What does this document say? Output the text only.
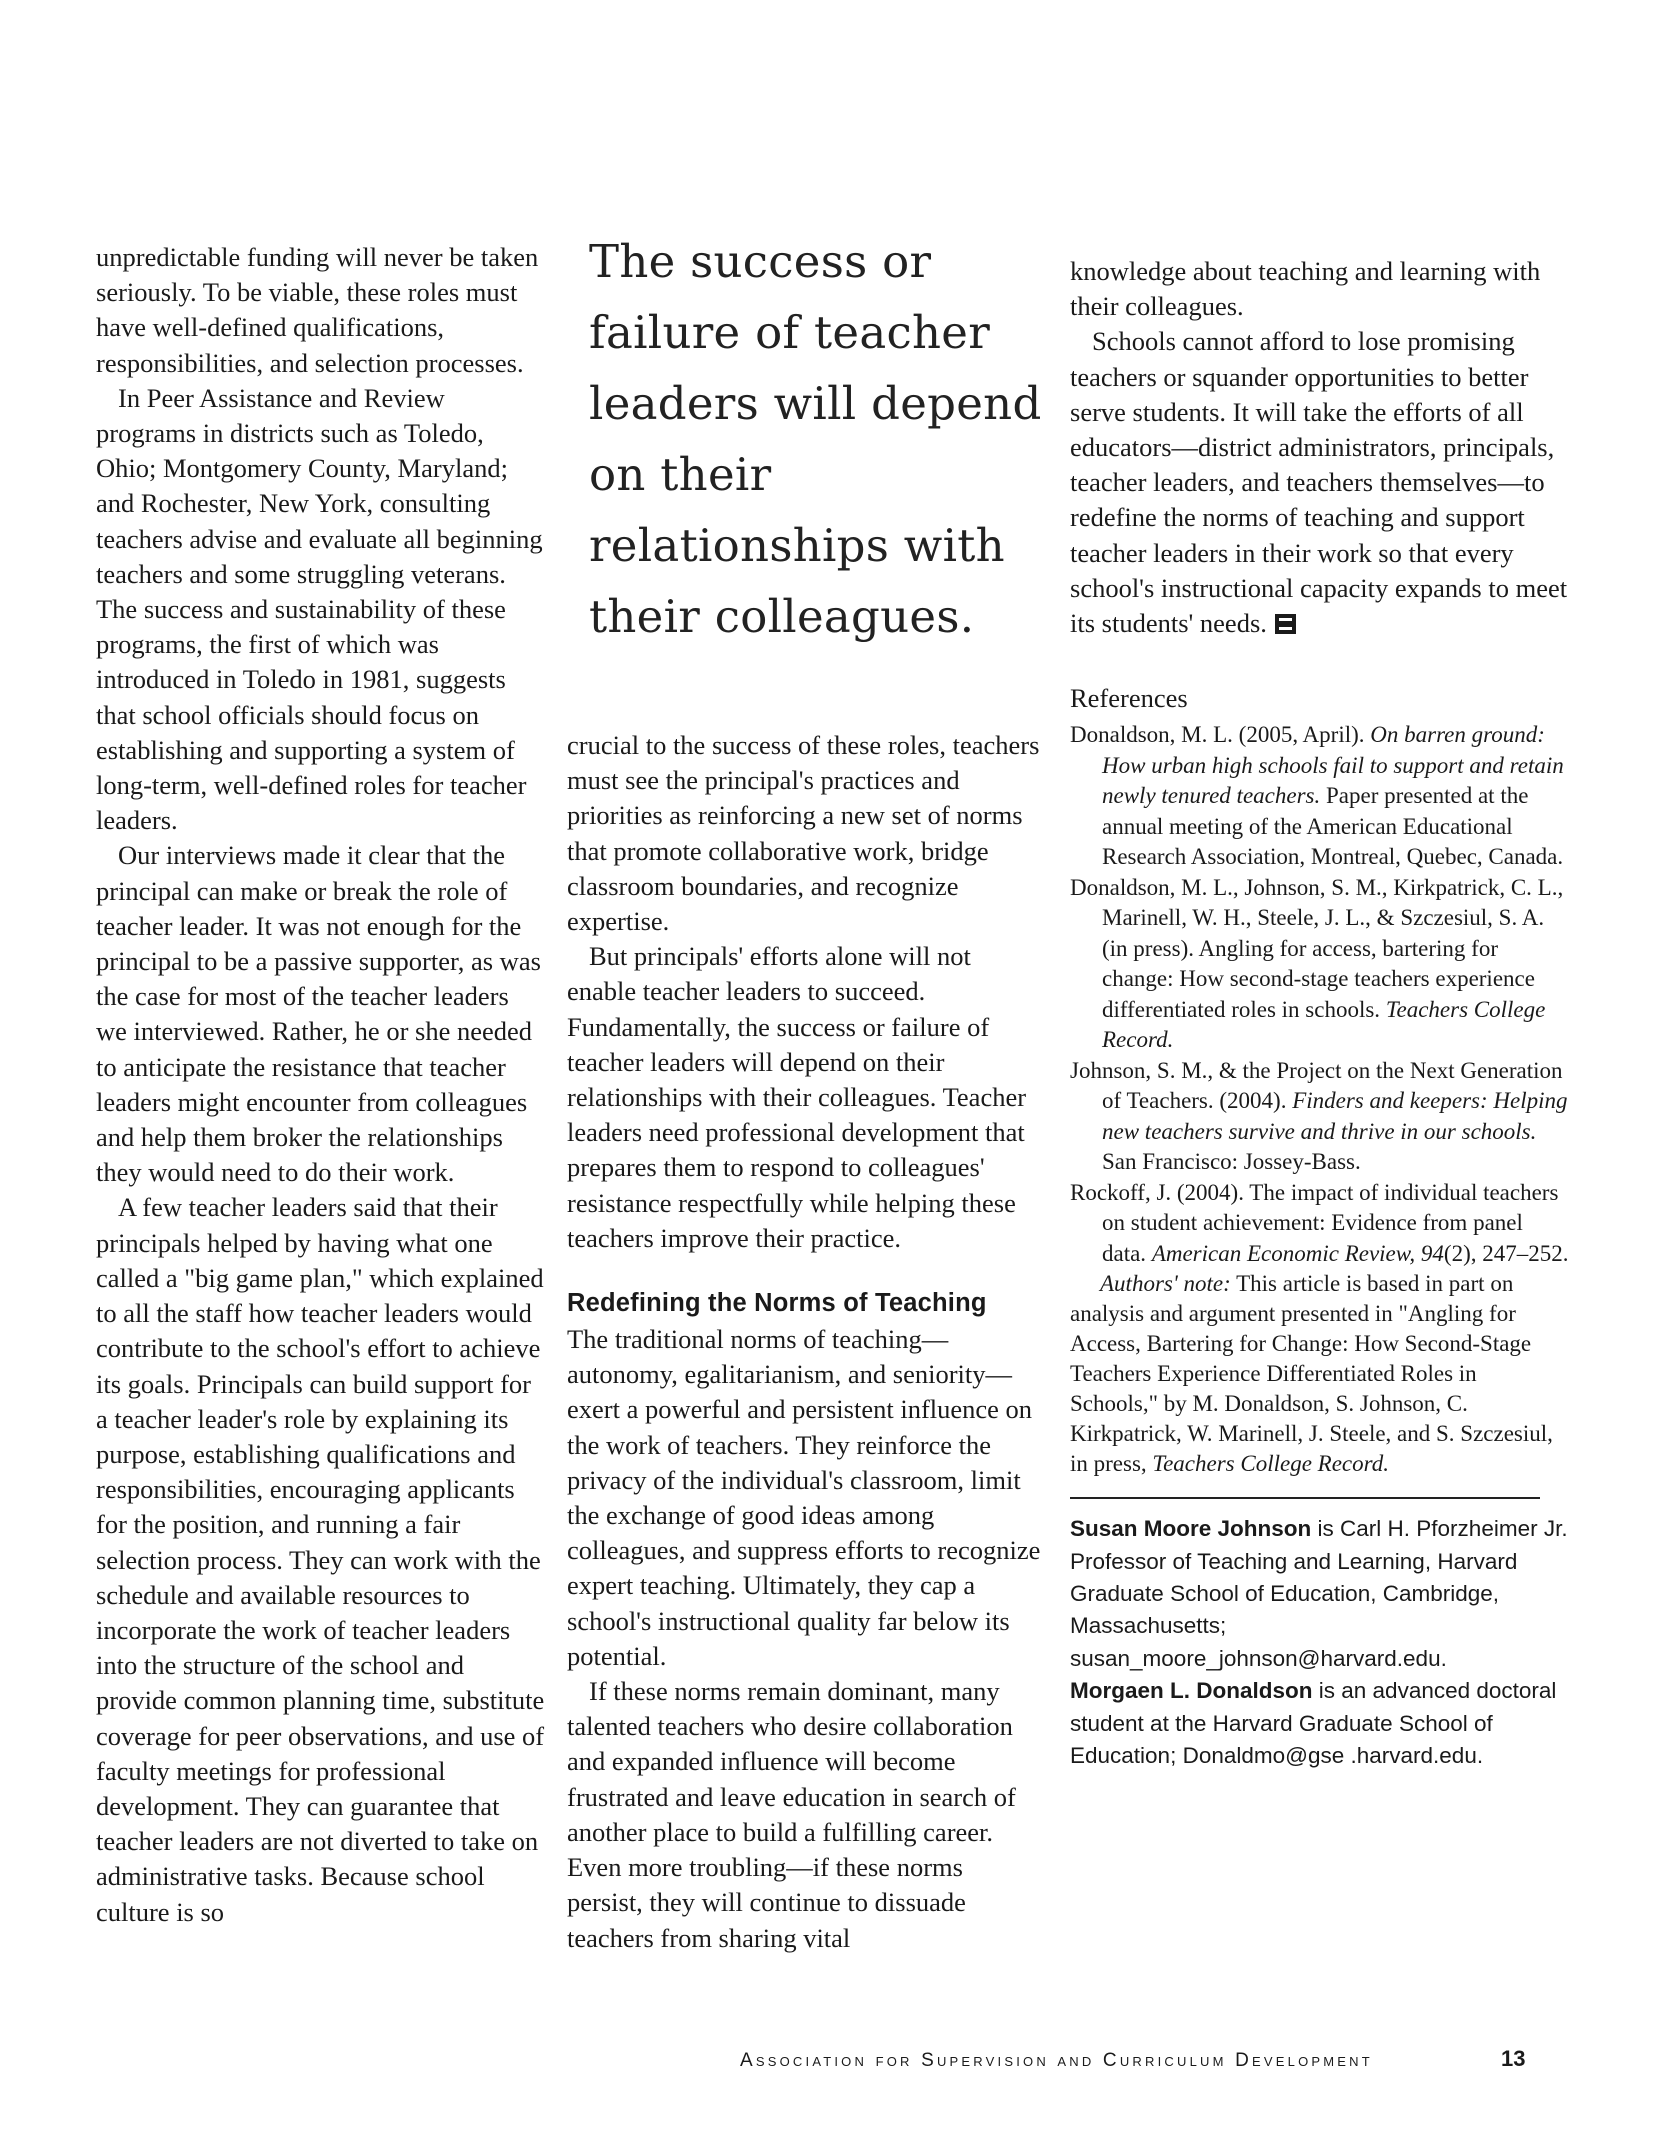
unpredictable funding will never be taken seriously. To be viable, these roles must have well-defined qualifications, responsibilities, and selection processes.

In Peer Assistance and Review programs in districts such as Toledo, Ohio; Montgomery County, Maryland; and Rochester, New York, consulting teachers advise and evaluate all beginning teachers and some struggling veterans. The success and sustainability of these programs, the first of which was introduced in Toledo in 1981, suggests that school officials should focus on establishing and supporting a system of long-term, well-defined roles for teacher leaders.

Our interviews made it clear that the principal can make or break the role of teacher leader. It was not enough for the principal to be a passive supporter, as was the case for most of the teacher leaders we interviewed. Rather, he or she needed to anticipate the resistance that teacher leaders might encounter from colleagues and help them broker the relationships they would need to do their work.

A few teacher leaders said that their principals helped by having what one called a "big game plan," which explained to all the staff how teacher leaders would contribute to the school's effort to achieve its goals. Principals can build support for a teacher leader's role by explaining its purpose, establishing qualifications and responsibilities, encouraging applicants for the position, and running a fair selection process. They can work with the schedule and available resources to incorporate the work of teacher leaders into the structure of the school and provide common planning time, substitute coverage for peer observations, and use of faculty meetings for professional development. They can guarantee that teacher leaders are not diverted to take on administrative tasks. Because school culture is so

The success or failure of teacher leaders will depend on their relationships with their colleagues.

crucial to the success of these roles, teachers must see the principal's practices and priorities as reinforcing a new set of norms that promote collaborative work, bridge classroom boundaries, and recognize expertise.

But principals' efforts alone will not enable teacher leaders to succeed. Fundamentally, the success or failure of teacher leaders will depend on their relationships with their colleagues. Teacher leaders need professional development that prepares them to respond to colleagues' resistance respectfully while helping these teachers improve their practice.

Redefining the Norms of Teaching

The traditional norms of teaching—autonomy, egalitarianism, and seniority—exert a powerful and persistent influence on the work of teachers. They reinforce the privacy of the individual's classroom, limit the exchange of good ideas among colleagues, and suppress efforts to recognize expert teaching. Ultimately, they cap a school's instructional quality far below its potential.

If these norms remain dominant, many talented teachers who desire collaboration and expanded influence will become frustrated and leave education in search of another place to build a fulfilling career. Even more troubling—if these norms persist, they will continue to dissuade teachers from sharing vital

knowledge about teaching and learning with their colleagues.

Schools cannot afford to lose promising teachers or squander opportunities to better serve students. It will take the efforts of all educators—district administrators, principals, teacher leaders, and teachers themselves—to redefine the norms of teaching and support teacher leaders in their work so that every school's instructional capacity expands to meet its students' needs.

References

Donaldson, M. L. (2005, April). On barren ground: How urban high schools fail to support and retain newly tenured teachers. Paper presented at the annual meeting of the American Educational Research Association, Montreal, Quebec, Canada.

Donaldson, M. L., Johnson, S. M., Kirkpatrick, C. L., Marinell, W. H., Steele, J. L., & Szczesiul, S. A. (in press). Angling for access, bartering for change: How second-stage teachers experience differentiated roles in schools. Teachers College Record.

Johnson, S. M., & the Project on the Next Generation of Teachers. (2004). Finders and keepers: Helping new teachers survive and thrive in our schools. San Francisco: Jossey-Bass.

Rockoff, J. (2004). The impact of individual teachers on student achievement: Evidence from panel data. American Economic Review, 94(2), 247–252.

Authors' note: This article is based in part on analysis and argument presented in "Angling for Access, Bartering for Change: How Second-Stage Teachers Experience Differentiated Roles in Schools," by M. Donaldson, S. Johnson, C. Kirkpatrick, W. Marinell, J. Steele, and S. Szczesiul, in press, Teachers College Record.

Susan Moore Johnson is Carl H. Pforzheimer Jr. Professor of Teaching and Learning, Harvard Graduate School of Education, Cambridge, Massachusetts; susan_moore_johnson@harvard.edu.

Morgaen L. Donaldson is an advanced doctoral student at the Harvard Graduate School of Education; Donaldmo@gse .harvard.edu.

Association for Supervision and Curriculum Development	13
